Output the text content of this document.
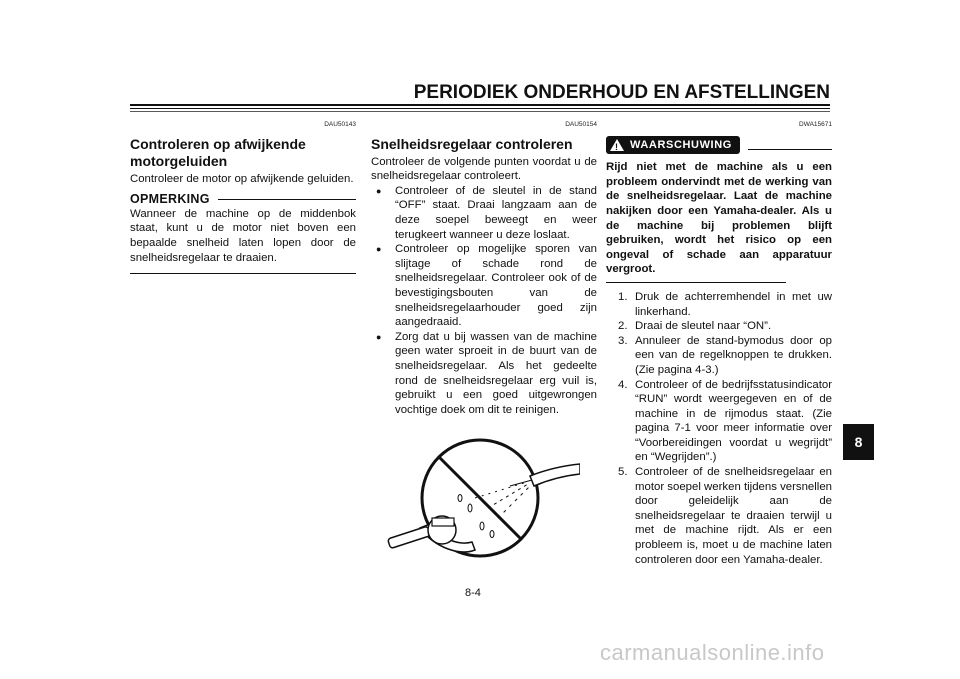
PERIODIEK ONDERHOUD EN AFSTELLINGEN
DAU50143
Controleren op afwijkende motorgeluiden

Controleer de motor op afwijkende geluiden.

OPMERKING

Wanneer de machine op de middenbok staat, kunt u de motor niet boven een bepaalde snelheid laten lopen door de snelheidsregelaar te draaien.

DAU50154
Snelheidsregelaar controleren

Controleer de volgende punten voordat u de snelheidsregelaar controleert.

● Controleer of de sleutel in de stand “OFF” staat. Draai langzaam aan de deze soepel beweegt en weer terugkeert wanneer u deze loslaat.
● Controleer op mogelijke sporen van slijtage of schade rond de snelheidsregelaar. Controleer ook of de bevestigingsbouten van de snelheidsregelaarhouder goed zijn aangedraaid.
● Zorg dat u bij wassen van de machine geen water sproeit in de buurt van de snelheidsregelaar. Als het gedeelte rond de snelheidsregelaar erg vuil is, gebruikt u een goed uitgewrongen vochtige doek om dit te reinigen.
DWA15671
!
WAARSCHUWING

Rijd niet met de machine als u een probleem ondervindt met de werking van de snelheidsregelaar. Laat de machine nakijken door een Yamaha-dealer. Als u de machine bij problemen blijft gebruiken, wordt het risico op een ongeval of schade aan apparatuur vergroot.

1. Druk de achterremhendel in met uw linkerhand.
2. Draai de sleutel naar “ON”.
3. Annuleer de stand-bymodus door op een van de regelknoppen te drukken. (Zie pagina 4-3.)
4. Controleer of de bedrijfsstatusindicator “RUN” wordt weergegeven en of de machine in de rijmodus staat. (Zie pagina 7-1 voor meer informatie over “Voorbereidingen voordat u wegrijdt” en “Wegrijden”.)
5. Controleer of de snelheidsregelaar en motor soepel werken tijdens versnellen door geleidelijk aan de snelheidsregelaar te draaien terwijl u met de machine rijdt. Als er een probleem is, moet u de machine laten controleren door een Yamaha-dealer.
8
8-4
carmanualsonline.info
